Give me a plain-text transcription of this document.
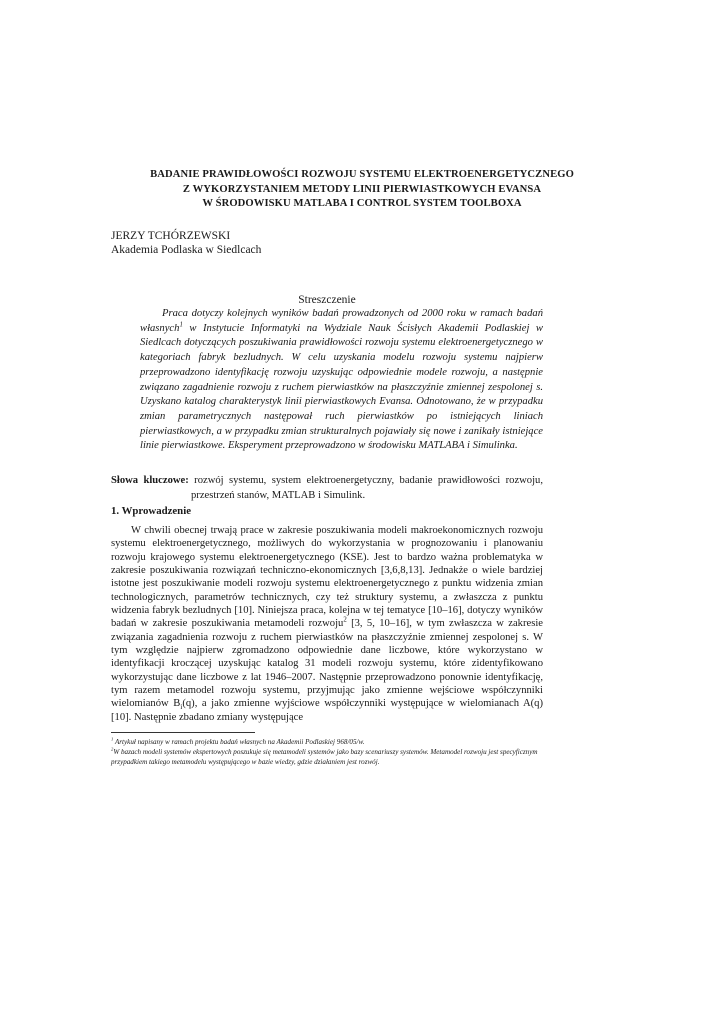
BADANIE PRAWIDŁOWOŚCI ROZWOJU SYSTEMU ELEKTROENERGETYCZNEGO
Z WYKORZYSTANIEM METODY LINII PIERWIASTKOWYCH EVANSA
W ŚRODOWISKU MATLABA I CONTROL SYSTEM TOOLBOXA
JERZY TCHÓRZEWSKI
Akademia Podlaska w Siedlcach
Streszczenie
Praca dotyczy kolejnych wyników badań prowadzonych od 2000 roku w ramach badań własnych$^1$ w Instytucie Informatyki na Wydziale Nauk Ścisłych Akademii Podlaskiej w Siedlcach dotyczących poszukiwania prawidłowości rozwoju systemu elektroenergetycznego w kategoriach fabryk bezludnych. W celu uzyskania modelu rozwoju systemu najpierw przeprowadzono identyfikację rozwoju uzyskując odpowiednie modele rozwoju, a następnie związano zagadnienie rozwoju z ruchem pierwiastków na płaszczyźnie zmiennej zespolonej s. Uzyskano katalog charakterystyk linii pierwiastkowych Evansa. Odnotowano, że w przypadku zmian parametrycznych następował ruch pierwiastków po istniejących liniach pierwiastkowych, a w przypadku zmian strukturalnych pojawiały się nowe i zanikały istniejące linie pierwiastkowe. Eksperyment przeprowadzono w środowisku MATLABA i Simulinka.
Słowa kluczowe: rozwój systemu, system elektroenergetyczny, badanie prawidłowości rozwoju, przestrzeń stanów, MATLAB i Simulink.
1. Wprowadzenie
W chwili obecnej trwają prace w zakresie poszukiwania modeli makroekonomicznych rozwoju systemu elektroenergetycznego, możliwych do wykorzystania w prognozowaniu i planowaniu rozwoju krajowego systemu elektroenergetycznego (KSE). Jest to bardzo ważna problematyka w zakresie poszukiwania rozwiązań techniczno-ekonomicznych [3,6,8,13]. Jednakże o wiele bardziej istotne jest poszukiwanie modeli rozwoju systemu elektroenergetycznego z punktu widzenia zmian technologicznych, parametrów technicznych, czy też struktury systemu, a zwłaszcza z punktu widzenia fabryk bezludnych [10]. Niniejsza praca, kolejna w tej tematyce [10–16], dotyczy wyników badań w zakresie poszukiwania metamodeli rozwoju$^2$ [3, 5, 10–16], w tym zwłaszcza w zakresie związania zagadnienia rozwoju z ruchem pierwiastków na płaszczyźnie zmiennej zespolonej s. W tym względzie najpierw zgromadzono odpowiednie dane liczbowe, które wykorzystano w identyfikacji kroczącej uzyskując katalog 31 modeli rozwoju systemu, które zidentyfikowano wykorzystując dane liczbowe z lat 1946–2007. Następnie przeprowadzono ponownie identyfikację, tym razem metamodel rozwoju systemu, przyjmując jako zmienne wejściowe współczynniki wielomianów $B_i(q)$, a jako zmienne wyjściowe współczynniki występujące w wielomianach A(q) [10]. Następnie zbadano zmiany występujące
$^1$ Artykuł napisany w ramach projektu badań własnych na Akademii Podlaskiej 968/05/w.
$^2$W bazach modeli systemów ekspertowych poszukuje się metamodeli systemów jako bazy scenariuszy systemów. Metamodel rozwoju jest specyficznym przypadkiem takiego metamodelu występującego w bazie wiedzy, gdzie działaniem jest rozwój.
